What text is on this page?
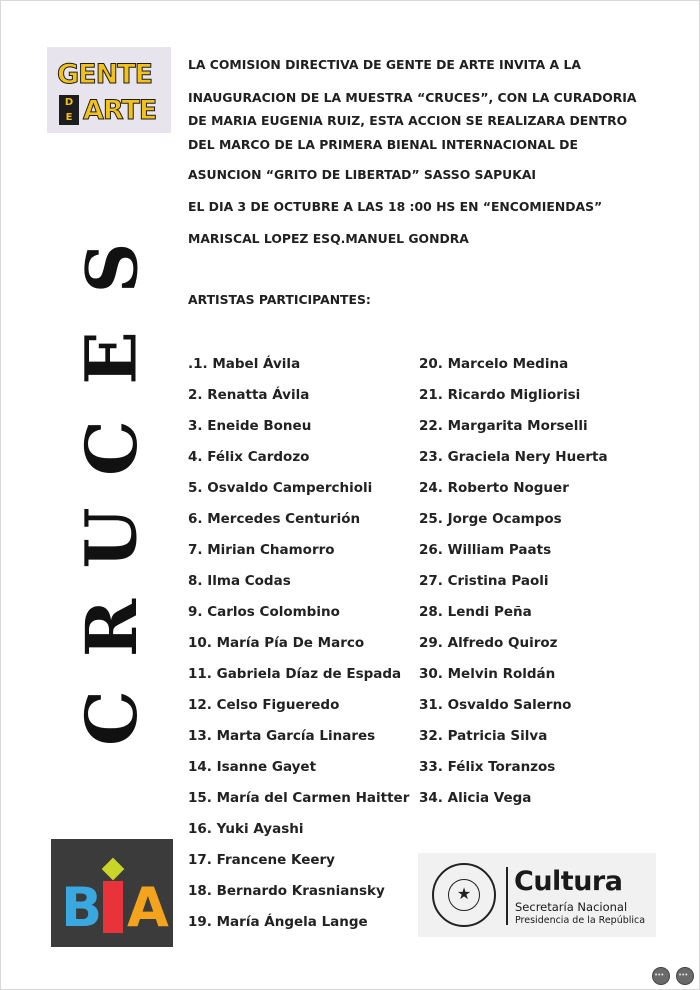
GENTE
D
E ARTE
LA COMISION DIRECTIVA DE GENTE DE ARTE INVITA A LA
INAUGURACION DE LA MUESTRA “CRUCES”, CON LA CURADORIA
DE MARIA EUGENIA RUIZ, ESTA ACCION SE REALIZARA DENTRO
DEL MARCO DE LA PRIMERA BIENAL INTERNACIONAL DE
ASUNCION “GRITO DE LIBERTAD” SASSO SAPUKAI
EL DIA 3 DE OCTUBRE A LAS 18 :00 HS EN “ENCOMIENDAS”
MARISCAL LOPEZ ESQ.MANUEL GONDRA
S
E
C
U
R
C
ARTISTAS PARTICIPANTES:
.1. Mabel Ávila
2. Renatta Ávila
3. Eneide Boneu
4. Félix Cardozo
5. Osvaldo Camperchioli
6. Mercedes Centurión
7. Mirian Chamorro
8. Ilma Codas
9. Carlos Colombino
10. María Pía De Marco
11. Gabriela Díaz de Espada
12. Celso Figueredo
13. Marta García Linares
14. Isanne Gayet
15. María del Carmen Haitter
16. Yuki Ayashi
17. Francene Keery
18. Bernardo Krasniansky
19. María Ángela Lange
20. Marcelo Medina
21. Ricardo Migliorisi
22. Margarita Morselli
23. Graciela Nery Huerta
24. Roberto Noguer
25. Jorge Ocampos
26. William Paats
27. Cristina Paoli
28. Lendi Peña
29. Alfredo Quiroz
30. Melvin Roldán
31. Osvaldo Salerno
32. Patricia Silva
33. Félix Toranzos
34. Alicia Vega
B A	★ Cultura
Secretaría Nacional
Presidencia de la República
•••
•••
